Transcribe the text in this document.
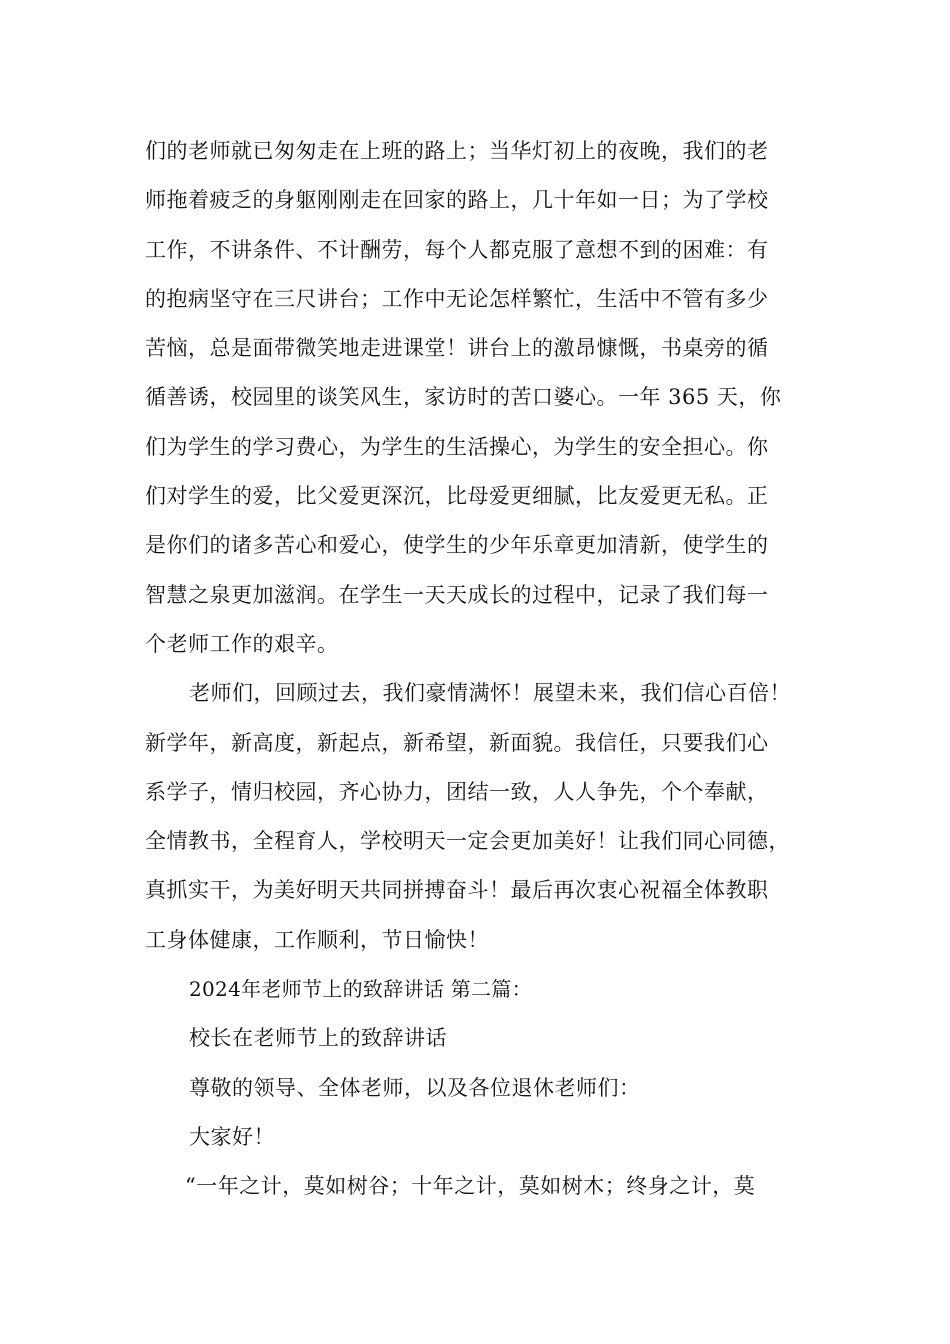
们的老师就已匆匆走在上班的路上；当华灯初上的夜晚，我们的老
师拖着疲乏的身躯刚刚走在回家的路上，几十年如一日；为了学校
工作，不讲条件、不计酬劳，每个人都克服了意想不到的困难：有
的抱病坚守在三尺讲台；工作中无论怎样繁忙，生活中不管有多少
苦恼，总是面带微笑地走进课堂！讲台上的激昂慷慨，书桌旁的循
循善诱，校园里的谈笑风生，家访时的苦口婆心。一年 365 天，你
们为学生的学习费心，为学生的生活操心，为学生的安全担心。你
们对学生的爱，比父爱更深沉，比母爱更细腻，比友爱更无私。正
是你们的诸多苦心和爱心，使学生的少年乐章更加清新，使学生的
智慧之泉更加滋润。在学生一天天成长的过程中，记录了我们每一
个老师工作的艰辛。
老师们，回顾过去，我们豪情满怀！展望未来，我们信心百倍！
新学年，新高度，新起点，新希望，新面貌。我信任，只要我们心
系学子，情归校园，齐心协力，团结一致，人人争先，个个奉献，
全情教书，全程育人，学校明天一定会更加美好！让我们同心同德，
真抓实干，为美好明天共同拼搏奋斗！最后再次衷心祝福全体教职
工身体健康，工作顺利，节日愉快！
2024年老师节上的致辞讲话 第二篇：
校长在老师节上的致辞讲话
尊敬的领导、全体老师，以及各位退休老师们：
大家好！
“一年之计，莫如树谷；十年之计，莫如树木；终身之计，莫
